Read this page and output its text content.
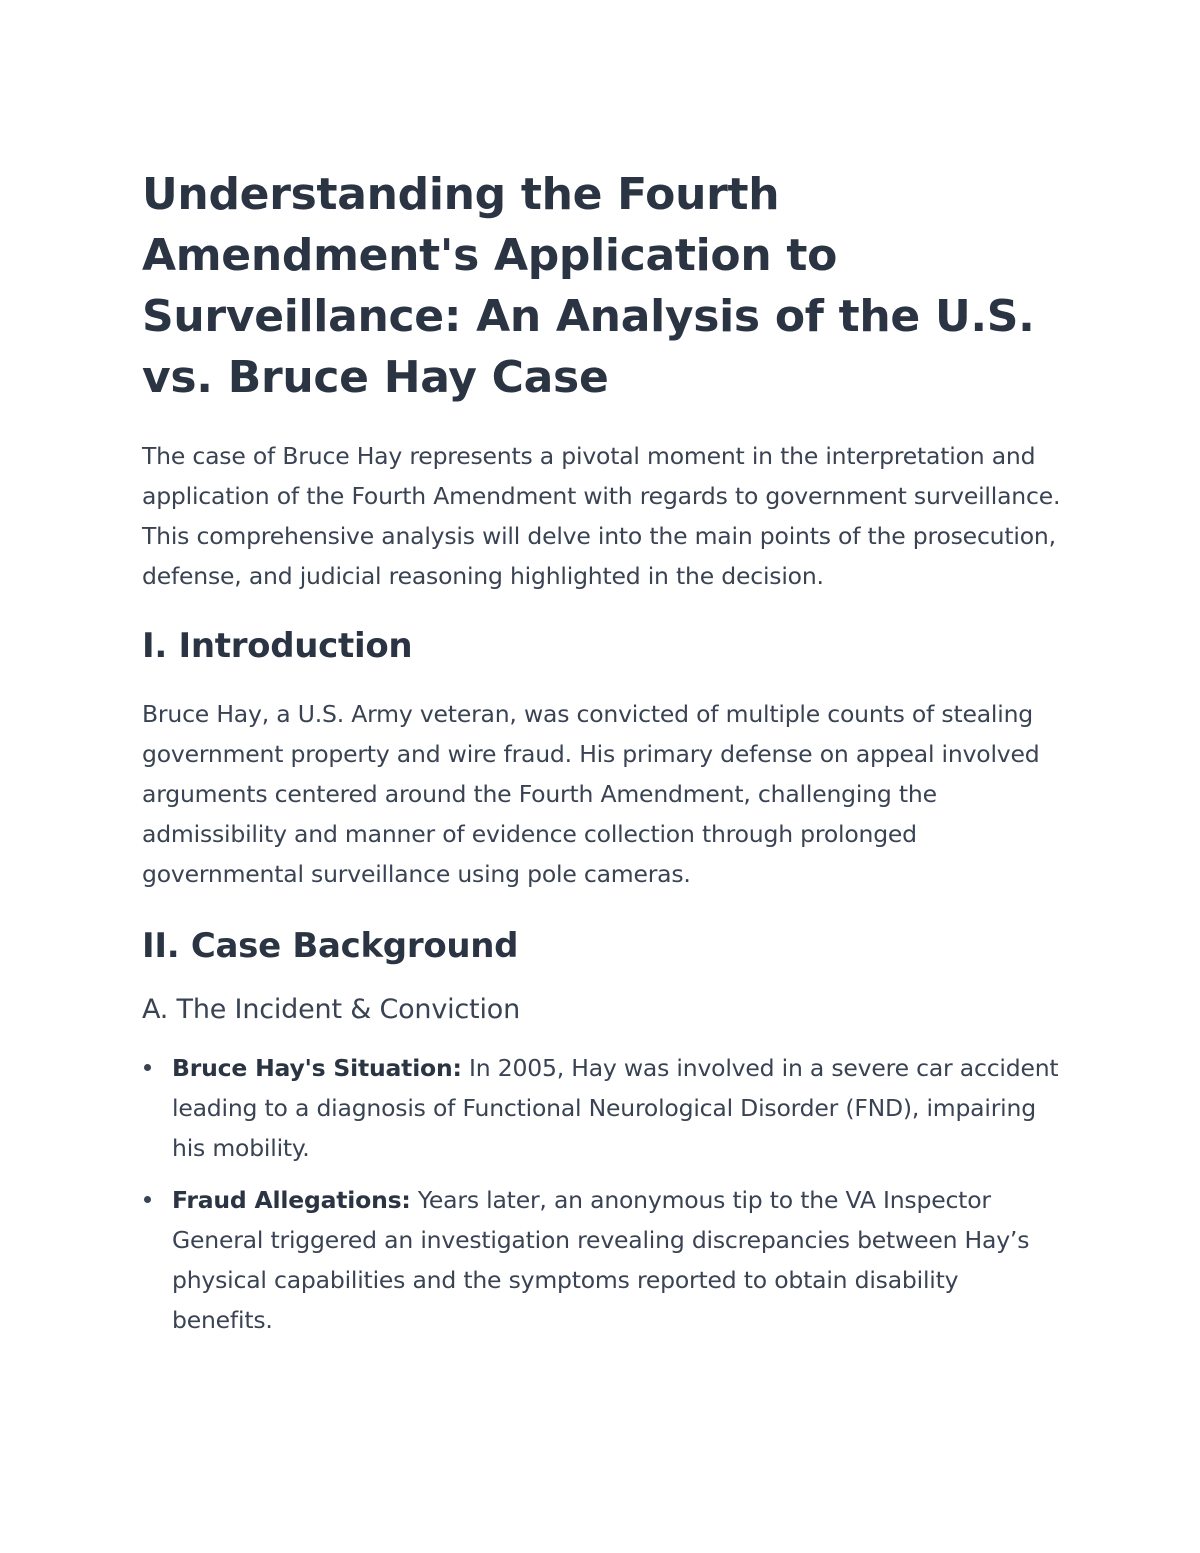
Understanding the Fourth Amendment's Application to Surveillance: An Analysis of the U.S. vs. Bruce Hay Case

The case of Bruce Hay represents a pivotal moment in the interpretation and application of the Fourth Amendment with regards to government surveillance. This comprehensive analysis will delve into the main points of the prosecution, defense, and judicial reasoning highlighted in the decision.

I. Introduction

Bruce Hay, a U.S. Army veteran, was convicted of multiple counts of stealing government property and wire fraud. His primary defense on appeal involved arguments centered around the Fourth Amendment, challenging the admissibility and manner of evidence collection through prolonged governmental surveillance using pole cameras.

II. Case Background
A. The Incident & Conviction
Bruce Hay's Situation: In 2005, Hay was involved in a severe car accident leading to a diagnosis of Functional Neurological Disorder (FND), impairing his mobility.
Fraud Allegations: Years later, an anonymous tip to the VA Inspector General triggered an investigation revealing discrepancies between Hay’s physical capabilities and the symptoms reported to obtain disability benefits.
